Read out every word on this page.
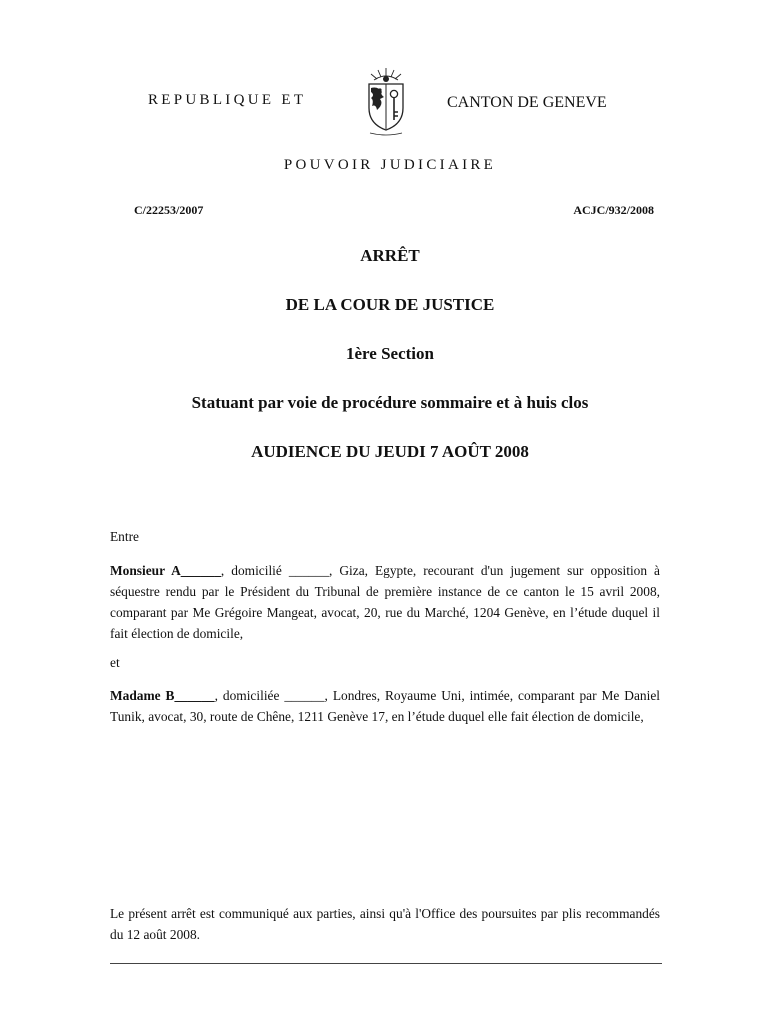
REPUBLIQUE ET	CANTON DE GENEVE
POUVOIR JUDICIAIRE
C/22253/2007	ACJC/932/2008
ARRÊT
DE LA COUR DE JUSTICE
1ère Section
Statuant par voie de procédure sommaire et à huis clos
AUDIENCE DU JEUDI 7 AOÛT 2008
Entre
Monsieur A______, domicilié ______, Giza, Egypte, recourant d'un jugement sur opposition à séquestre rendu par le Président du Tribunal de première instance de ce canton le 15 avril 2008, comparant par Me Grégoire Mangeat, avocat, 20, rue du Marché, 1204 Genève, en l’étude duquel il fait élection de domicile,
et
Madame B______, domiciliée ______, Londres, Royaume Uni, intimée, comparant par Me Daniel Tunik, avocat, 30, route de Chêne, 1211 Genève 17, en l’étude duquel elle fait élection de domicile,
Le présent arrêt est communiqué aux parties, ainsi qu'à l'Office des poursuites par plis recommandés du 12 août 2008.
